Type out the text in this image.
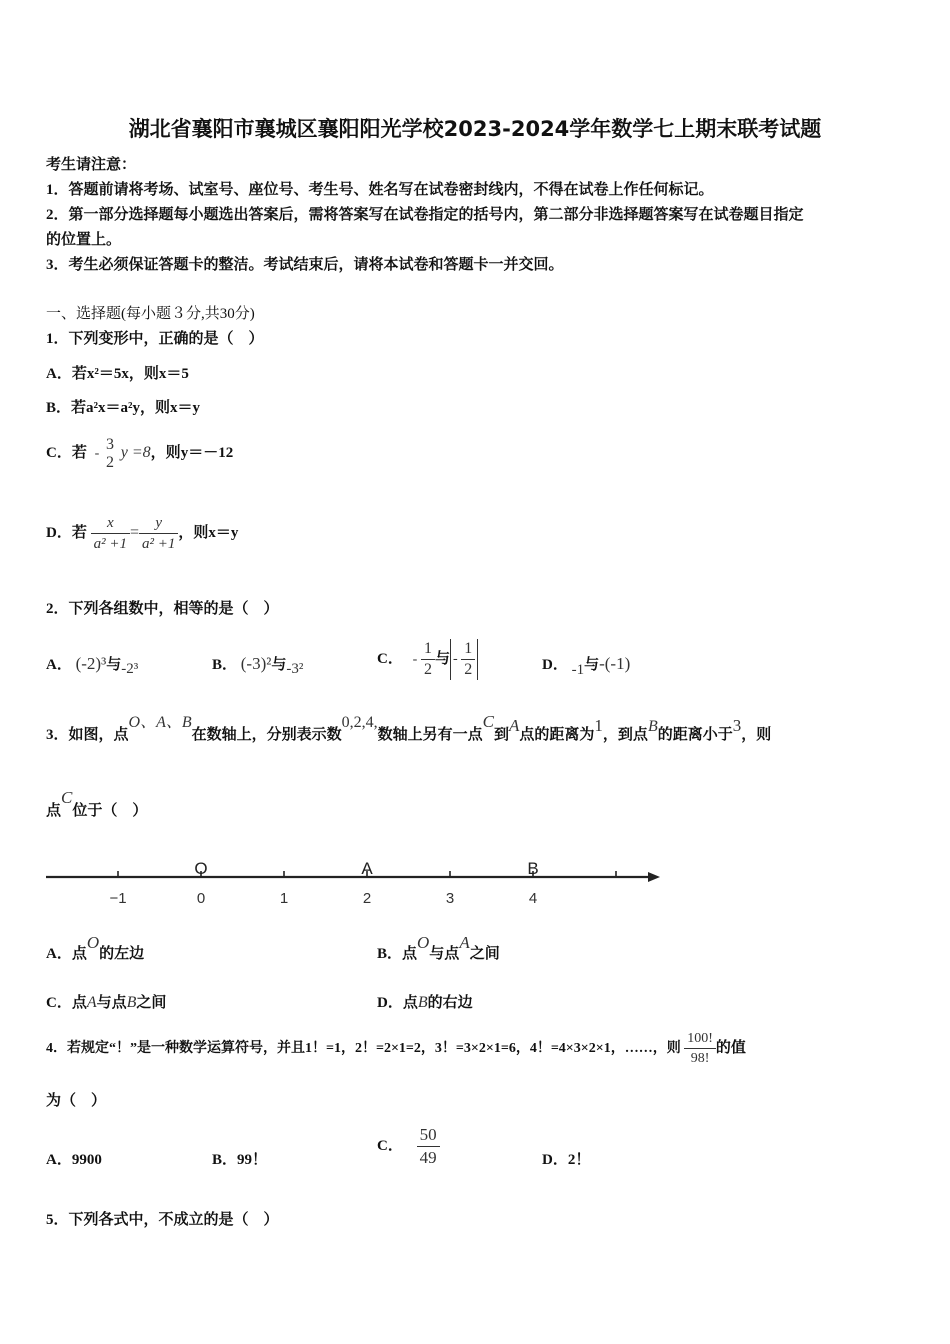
湖北省襄阳市襄城区襄阳阳光学校2023-2024学年数学七上期末联考试题
考生请注意：
1．答题前请将考场、试室号、座位号、考生号、姓名写在试卷密封线内，不得在试卷上作任何标记。
2．第一部分选择题每小题选出答案后，需将答案写在试卷指定的括号内，第二部分非选择题答案写在试卷题目指定
的位置上。
3．考生必须保证答题卡的整洁。考试结束后，请将本试卷和答题卡一并交回。
一、选择题(每小题３分,共30分)
1．下列变形中，正确的是（　）
A．若x²＝5x，则x＝5
B．若a²x＝a²y，则x＝y
C．若 -
3
2
y =8，则y＝－12
D．若 $\frac{x}{\text{a² +1}} = \frac{y}{\text{a² +1}}$ ，则x＝y
2．下列各组数中，相等的是（　）
A． (-2)³与-2³	B． (-3)²与-3²
C． - $\frac{1}{2}$ 与 - $\frac{1}{2}$	D． -1与-(-1)
3．如图，点O、A、B在数轴上，分别表示数0,2,4,数轴上另有一点C到A点的距离为1，到点B的距离小于3，则
点C位于（　）
−1	0	1	2	3	4
O	A	B
A．点O的左边	B．点O与点A之间
C．点A与点B之间	D．点B的右边
4．若规定“！”是一种数学运算符号，并且1！=1，2！=2×1=2，3！=3×2×1=6，4！=4×3×2×1，……，则 $\frac{100!}{98!}$ 的值
为（　）
A．9900	B．99！
C． $\frac{50}{49}$	D．2！
5．下列各式中，不成立的是（　）
